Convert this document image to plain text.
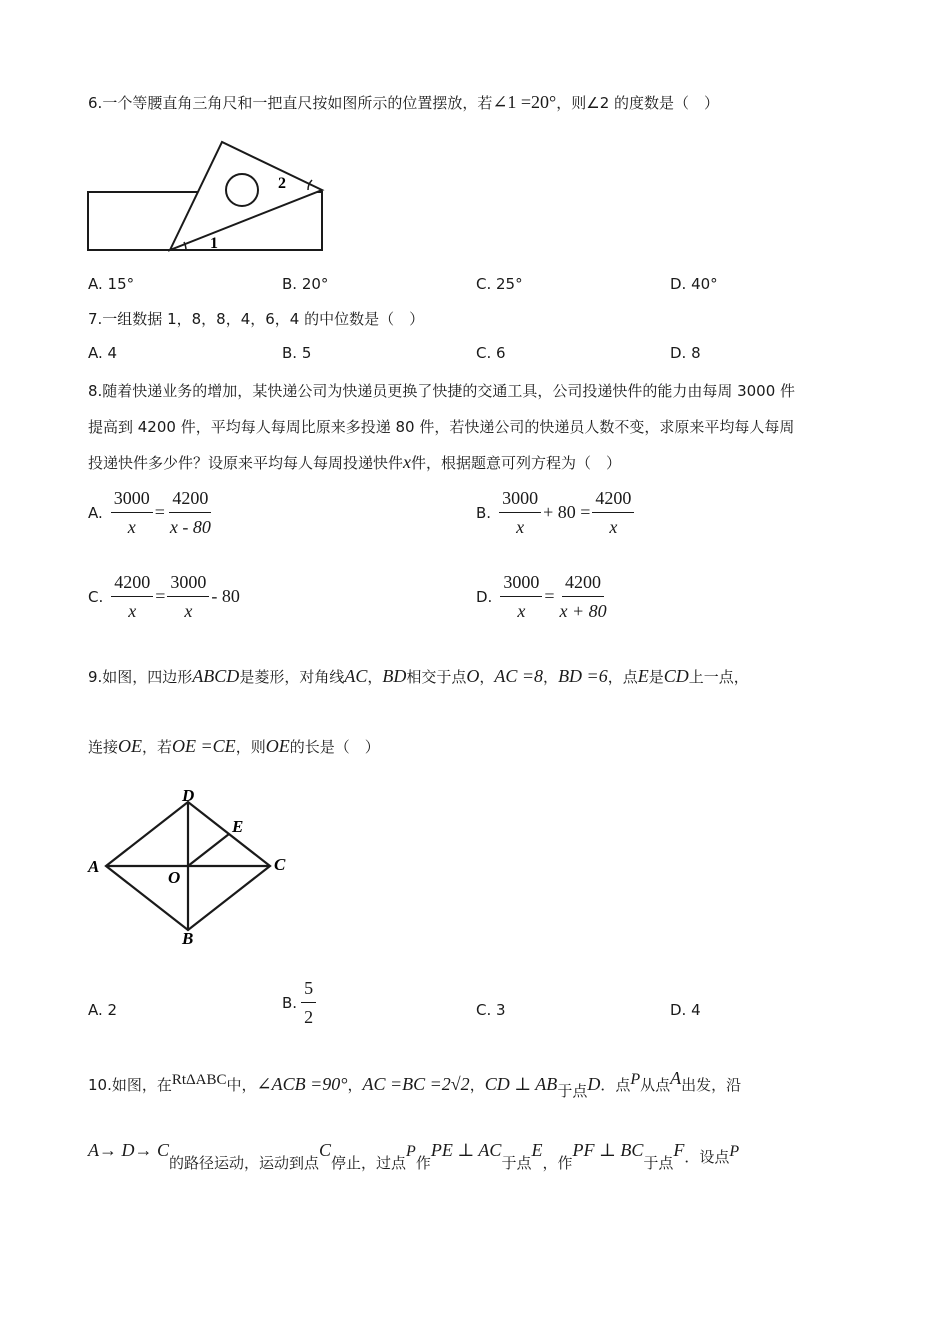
6.一个等腰直角三角尺和一把直尺按如图所示的位置摆放，若∠1 =20°，则∠2 的度数是（　）
1
2
A. 15°	B. 20°	C. 25°	D. 40°
7.一组数据 1，8，8，4，6，4 的中位数是（　）
A. 4	B. 5	C. 6	D. 8
8.随着快递业务的增加，某快递公司为快递员更换了快捷的交通工具，公司投递快件的能力由每周 3000 件
提高到 4200 件，平均每人每周比原来多投递 80 件，若快递公司的快递员人数不变，求原来平均每人每周
投递快件多少件？设原来平均每人每周投递快件x件，根据题意可列方程为（　）
A. $\frac{3000}{x} = \frac{4200}{x - 80}$	B. $\frac{3000}{x} + 80 = \frac{4200}{x}$
C. $\frac{4200}{x} = \frac{3000}{x} - 80$	D. $\frac{3000}{x} = \frac{4200}{x + 80}$
9.如图，四边形ABCD是菱形，对角线AC，BD相交于点O，AC =8，BD =6，点E是CD上一点，
连接OE，若OE =CE，则OE的长是（　）
A
D
C
B
E
O
A. 2	B. $\frac{5}{2}$	C. 3	D. 4
10.如图，在RtΔABC中，∠ACB =90°，AC =BC =2√2，CD ⊥ AB于点D．点P从点A出发，沿
A→ D→ C的路径运动，运动到点C停止，过点P作PE ⊥ AC于点E，作PF ⊥ BC于点F．设点P
